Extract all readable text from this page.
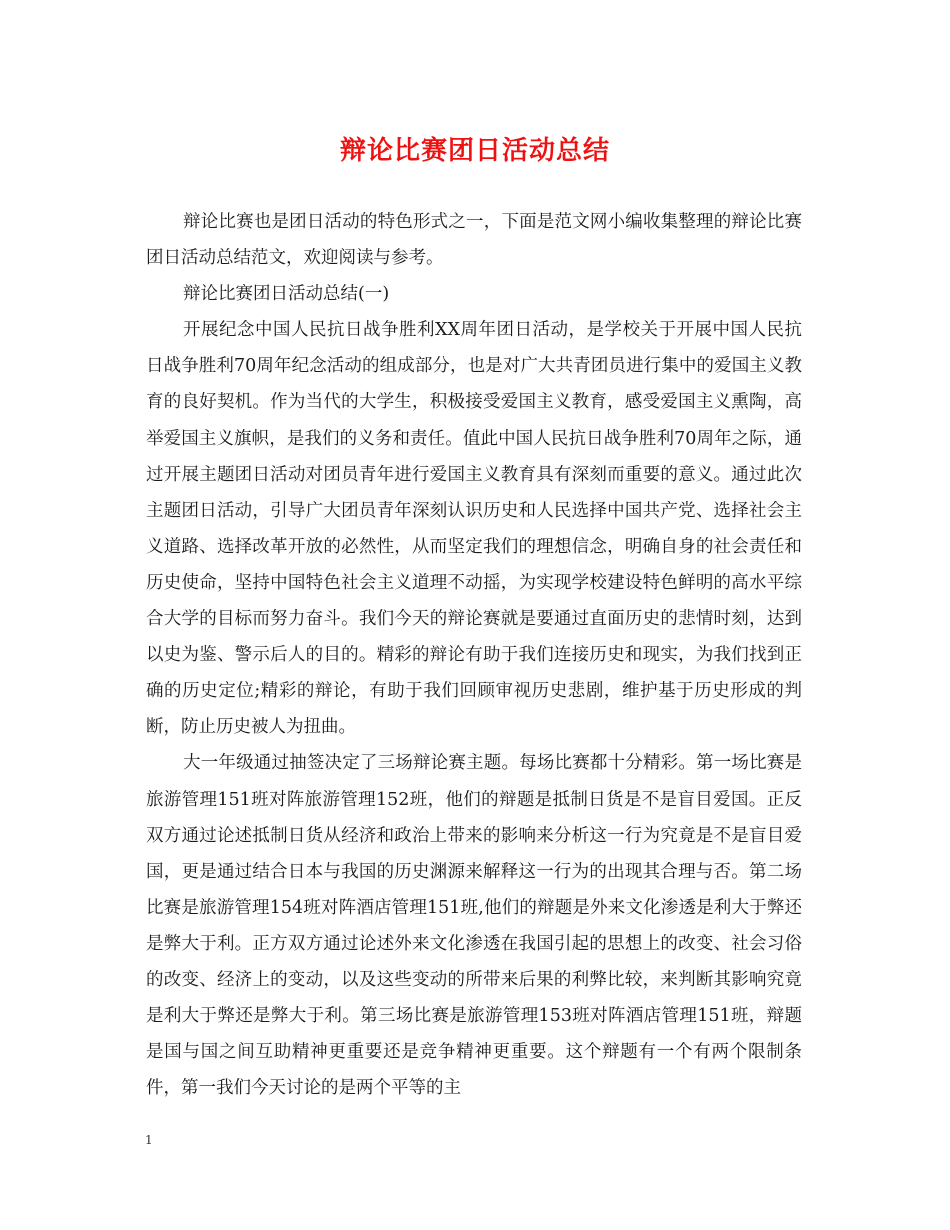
辩论比赛团日活动总结

辩论比赛也是团日活动的特色形式之一，下面是范文网小编收集整理的辩论比赛团日活动总结范文，欢迎阅读与参考。

辩论比赛团日活动总结(一)

开展纪念中国人民抗日战争胜利XX周年团日活动，是学校关于开展中国人民抗日战争胜利70周年纪念活动的组成部分，也是对广大共青团员进行集中的爱国主义教育的良好契机。作为当代的大学生，积极接受爱国主义教育，感受爱国主义熏陶，高举爱国主义旗帜，是我们的义务和责任。值此中国人民抗日战争胜利70周年之际，通过开展主题团日活动对团员青年进行爱国主义教育具有深刻而重要的意义。通过此次主题团日活动，引导广大团员青年深刻认识历史和人民选择中国共产党、选择社会主义道路、选择改革开放的必然性，从而坚定我们的理想信念，明确自身的社会责任和历史使命，坚持中国特色社会主义道理不动摇，为实现学校建设特色鲜明的高水平综合大学的目标而努力奋斗。我们今天的辩论赛就是要通过直面历史的悲情时刻，达到以史为鉴、警示后人的目的。精彩的辩论有助于我们连接历史和现实，为我们找到正确的历史定位;精彩的辩论，有助于我们回顾审视历史悲剧，维护基于历史形成的判断，防止历史被人为扭曲。

大一年级通过抽签决定了三场辩论赛主题。每场比赛都十分精彩。第一场比赛是旅游管理151班对阵旅游管理152班，他们的辩题是抵制日货是不是盲目爱国。正反双方通过论述抵制日货从经济和政治上带来的影响来分析这一行为究竟是不是盲目爱国，更是通过结合日本与我国的历史渊源来解释这一行为的出现其合理与否。第二场比赛是旅游管理154班对阵酒店管理151班,他们的辩题是外来文化渗透是利大于弊还是弊大于利。正方双方通过论述外来文化渗透在我国引起的思想上的改变、社会习俗的改变、经济上的变动，以及这些变动的所带来后果的利弊比较，来判断其影响究竟是利大于弊还是弊大于利。第三场比赛是旅游管理153班对阵酒店管理151班，辩题是国与国之间互助精神更重要还是竞争精神更重要。这个辩题有一个有两个限制条件，第一我们今天讨论的是两个平等的主

1
